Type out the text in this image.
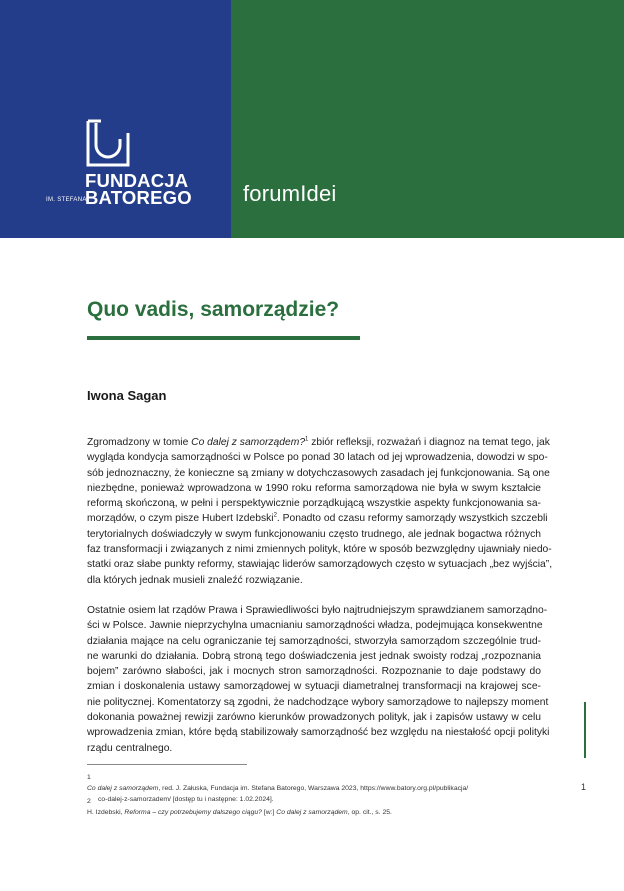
FUNDACJA
BATOREGO
IM. STEFANA	forumIdei
Quo vadis, samorządzie?
Iwona Sagan
Zgromadzony w tomie Co dalej z samorządem?$^1$ zbiór refleksji, rozważań i diagnoz na temat tego, jak
wygląda kondycja samorządności w Polsce po ponad 30 latach od jej wprowadzenia, dowodzi w spo-
sób jednoznaczny, że konieczne są zmiany w dotychczasowych zasadach jej funkcjonowania. Są one
niezbędne, ponieważ wprowadzona w 1990 roku reforma samorządowa nie była w swym kształcie
reformą skończoną, w pełni i perspektywicznie porządkującą wszystkie aspekty funkcjonowania sa-
morządów, o czym pisze Hubert Izdebski$^2$. Ponadto od czasu reformy samorządy wszystkich szczebli
terytorialnych doświadczyły w swym funkcjonowaniu często trudnego, ale jednak bogactwa różnych
faz transformacji i związanych z nimi zmiennych polityk, które w sposób bezwzględny ujawniały niedo-
statki oraz słabe punkty reformy, stawiając liderów samorządowych często w sytuacjach „bez wyjścia”,
dla których jednak musieli znaleźć rozwiązanie.
Ostatnie osiem lat rządów Prawa i Sprawiedliwości było najtrudniejszym sprawdzianem samorządno-
ści w Polsce. Jawnie nieprzychylna umacnianiu samorządności władza, podejmująca konsekwentne
działania mające na celu ograniczanie tej samorządności, stworzyła samorządom szczególnie trud-
ne warunki do działania. Dobrą stroną tego doświadczenia jest jednak swoisty rodzaj „rozpoznania
bojem” zarówno słabości, jak i mocnych stron samorządności. Rozpoznanie to daje podstawy do
zmian i doskonalenia ustawy samorządowej w sytuacji diametralnej transformacji na krajowej sce-
nie politycznej. Komentatorzy są zgodni, że nadchodzące wybory samorządowe to najlepszy moment
dokonania poważnej rewizji zarówno kierunków prowadzonych polityk, jak i zapisów ustawy w celu
wprowadzenia zmian, które będą stabilizowały samorządność bez względu na niestałość opcji polityki
rządu centralnego.
1
Co dalej z samorządem, red. J. Załuska, Fundacja im. Stefana Batorego, Warszawa 2023, https://www.batory.org.pl/publikacja/
co-dalej-z-samorzadem/ [dostęp tu i następne: 1.02.2024].
2
H. Izdebski, Reforma – czy potrzebujemy dalszego ciągu? [w:] Co dalej z samorządem, op. cit., s. 25.
1
